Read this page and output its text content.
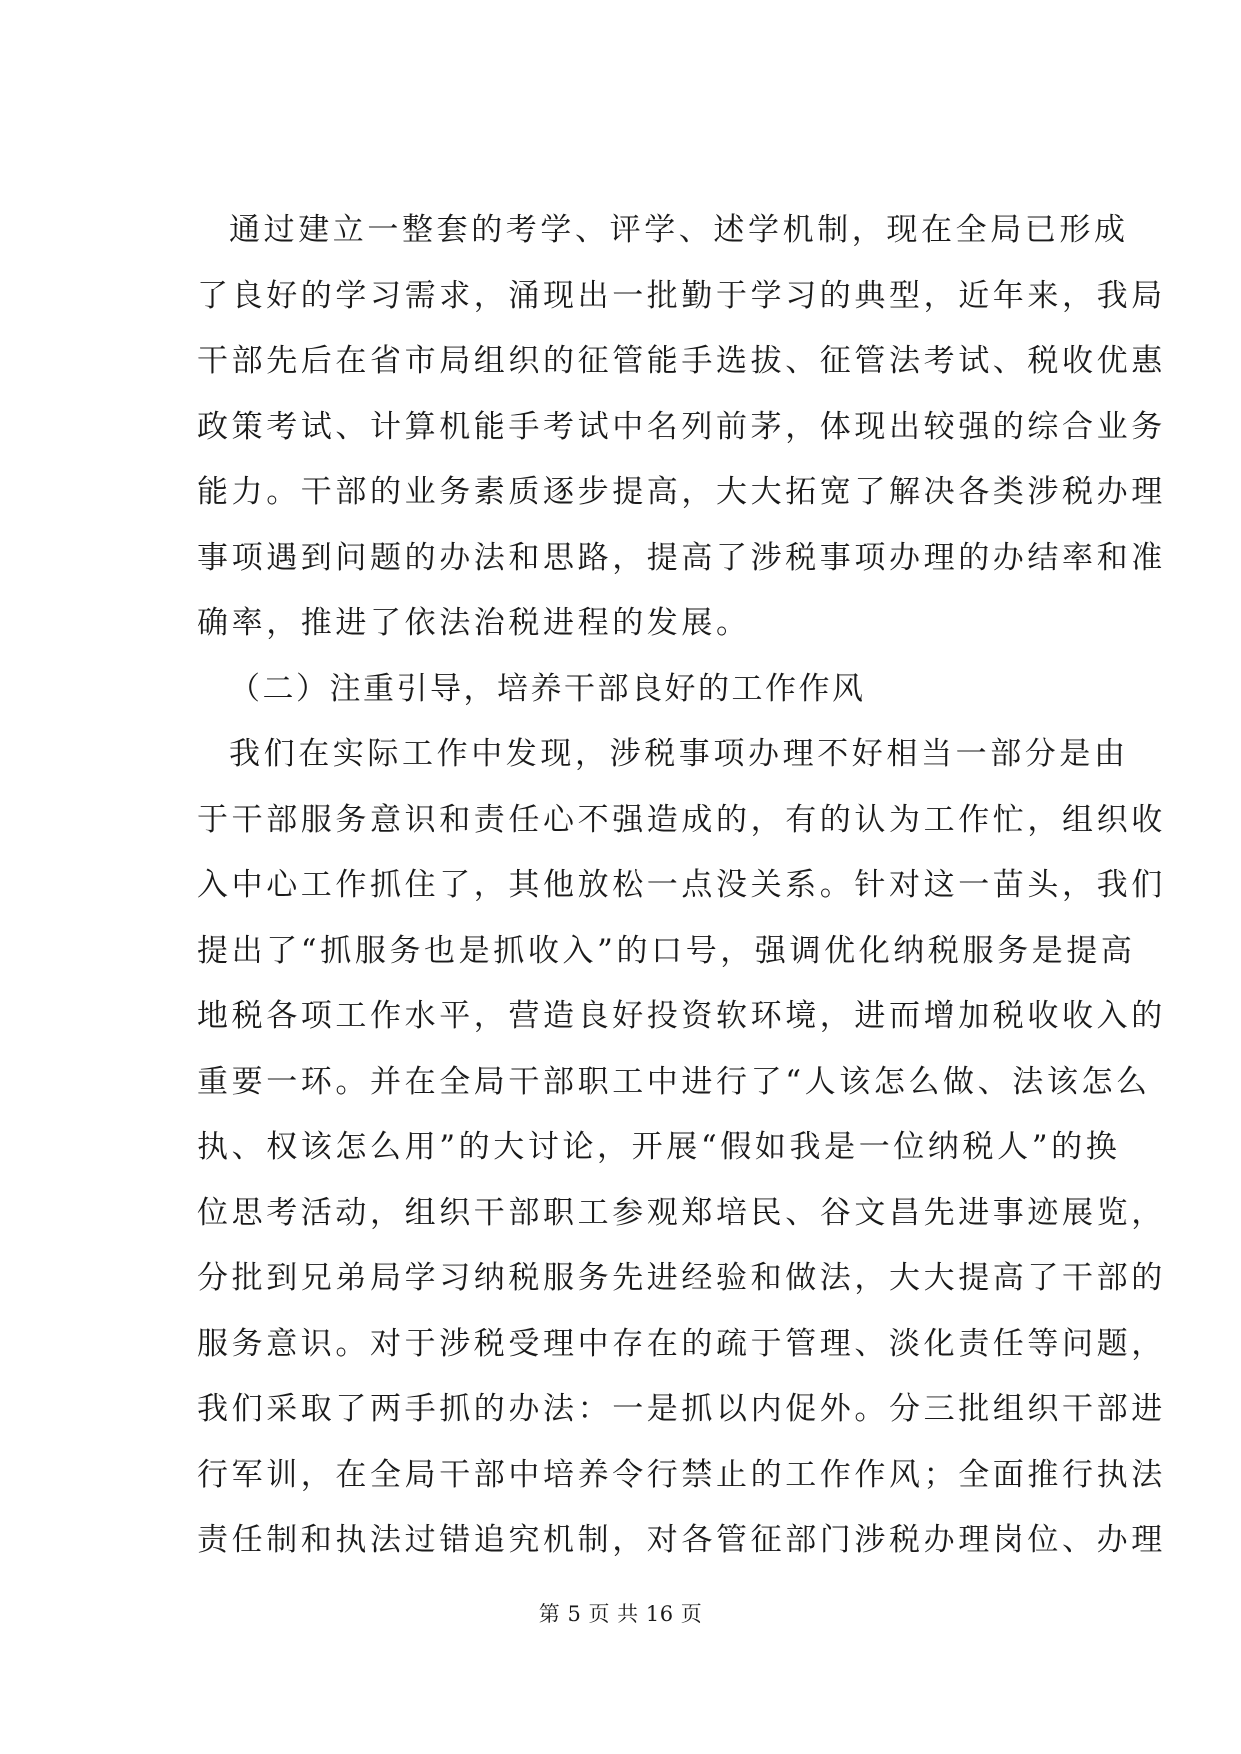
通过建立一整套的考学、评学、述学机制，现在全局已形成
了良好的学习需求，涌现出一批勤于学习的典型，近年来，我局
干部先后在省市局组织的征管能手选拔、征管法考试、税收优惠
政策考试、计算机能手考试中名列前茅，体现出较强的综合业务
能力。干部的业务素质逐步提高，大大拓宽了解决各类涉税办理
事项遇到问题的办法和思路，提高了涉税事项办理的办结率和准
确率，推进了依法治税进程的发展。
（二）注重引导，培养干部良好的工作作风
我们在实际工作中发现，涉税事项办理不好相当一部分是由
于干部服务意识和责任心不强造成的，有的认为工作忙，组织收
入中心工作抓住了，其他放松一点没关系。针对这一苗头，我们
提出了“抓服务也是抓收入”的口号，强调优化纳税服务是提高
地税各项工作水平，营造良好投资软环境，进而增加税收收入的
重要一环。并在全局干部职工中进行了“人该怎么做、法该怎么
执、权该怎么用”的大讨论，开展“假如我是一位纳税人”的换
位思考活动，组织干部职工参观郑培民、谷文昌先进事迹展览，
分批到兄弟局学习纳税服务先进经验和做法，大大提高了干部的
服务意识。对于涉税受理中存在的疏于管理、淡化责任等问题，
我们采取了两手抓的办法：一是抓以内促外。分三批组织干部进
行军训，在全局干部中培养令行禁止的工作作风；全面推行执法
责任制和执法过错追究机制，对各管征部门涉税办理岗位、办理
第 5 页 共 16 页
